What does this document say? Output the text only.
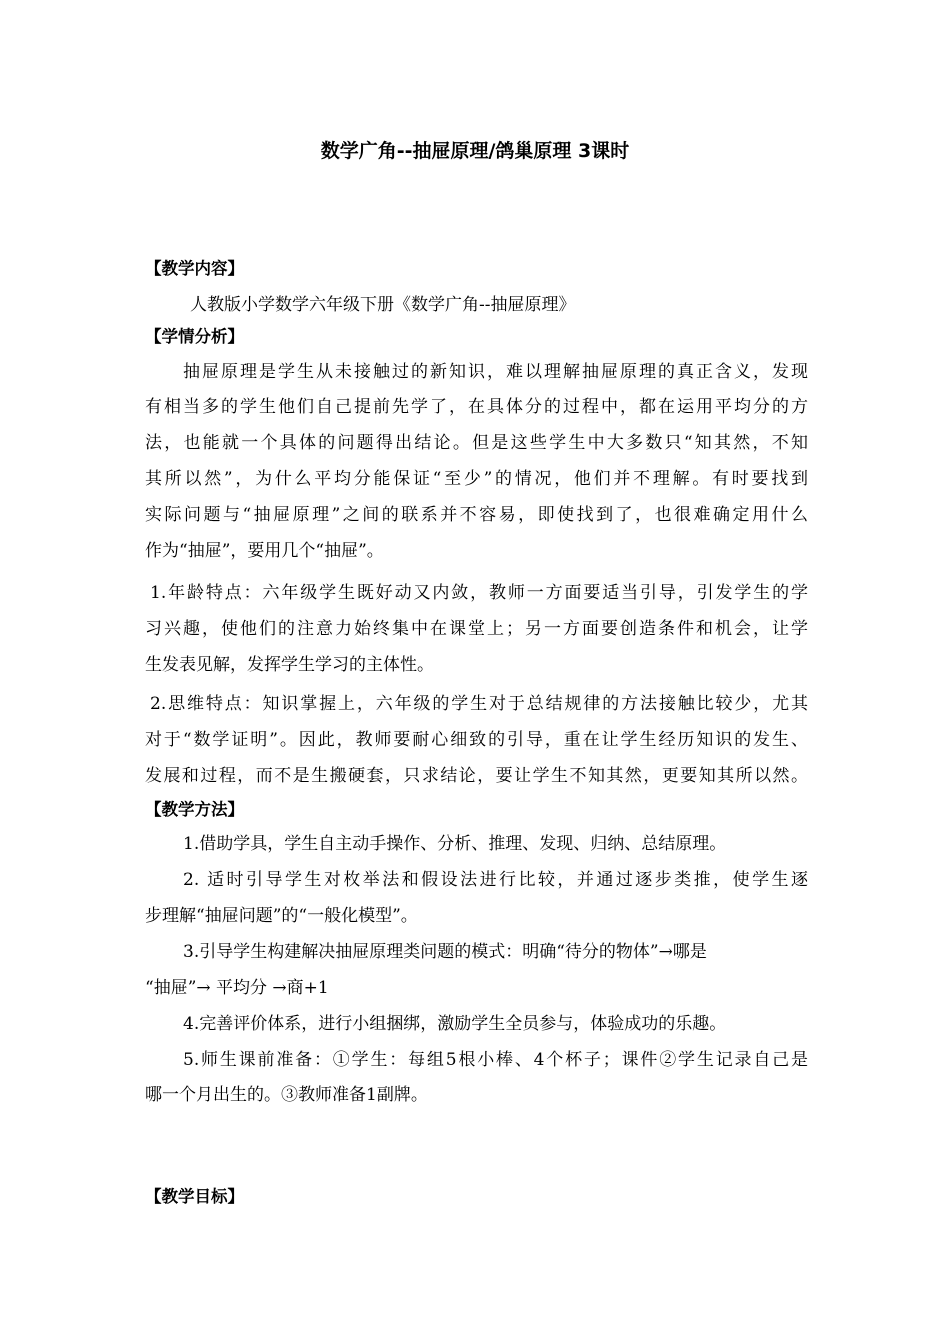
数学广角--抽屉原理/鸽巢原理 3课时
【教学内容】

人教版小学数学六年级下册《数学广角--抽屉原理》

【学情分析】

抽屉原理是学生从未接触过的新知识，难以理解抽屉原理的真正含义，发现

有相当多的学生他们自己提前先学了，在具体分的过程中，都在运用平均分的方

法，也能就一个具体的问题得出结论。但是这些学生中大多数只“知其然，不知

其所以然”，为什么平均分能保证“至少”的情况，他们并不理解。有时要找到

实际问题与“抽屉原理”之间的联系并不容易，即使找到了，也很难确定用什么

作为“抽屉”，要用几个“抽屉”。

1.年龄特点：六年级学生既好动又内敛，教师一方面要适当引导，引发学生的学

习兴趣，使他们的注意力始终集中在课堂上；另一方面要创造条件和机会，让学

生发表见解，发挥学生学习的主体性。

2.思维特点：知识掌握上，六年级的学生对于总结规律的方法接触比较少，尤其

对于“数学证明”。因此，教师要耐心细致的引导，重在让学生经历知识的发生、

发展和过程，而不是生搬硬套，只求结论，要让学生不知其然，更要知其所以然。

【教学方法】

1.借助学具，学生自主动手操作、分析、推理、发现、归纳、总结原理。

2. 适时引导学生对枚举法和假设法进行比较，并通过逐步类推，使学生逐

步理解“抽屉问题”的“一般化模型”。

3.引导学生构建解决抽屉原理类问题的模式：明确“待分的物体”→哪是

“抽屉”→ 平均分 →商+1

4.完善评价体系，进行小组捆绑，激励学生全员参与，体验成功的乐趣。

5.师生课前准备：①学生：每组5根小棒、4个杯子；课件②学生记录自己是

哪一个月出生的。③教师准备1副牌。

【教学目标】
